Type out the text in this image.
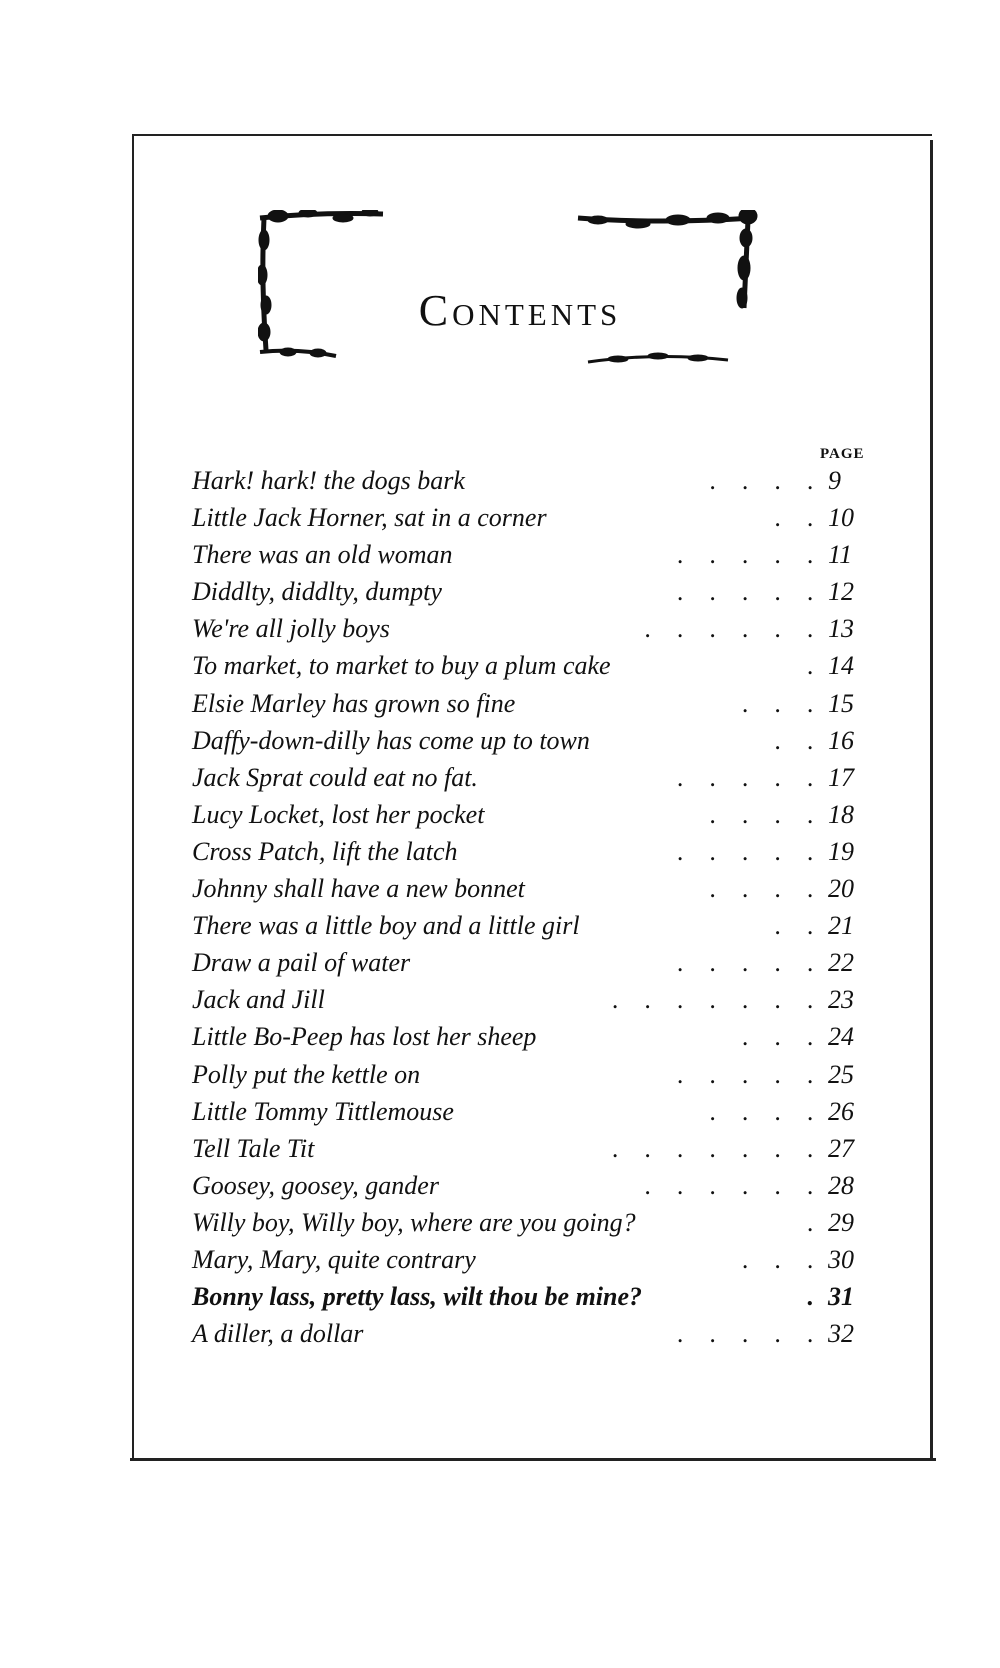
Contents
PAGE
Hark! hark! the dogs bark	.    .    .    . 9
Little Jack Horner, sat in a corner	.    . 10
There was an old woman	.    .    .    .    . 11
Diddlty, diddlty, dumpty	.    .    .    .    . 12
We're all jolly boys	.    .    .    .    .    . 13
To market, to market to buy a plum cake	. 14
Elsie Marley has grown so fine	.    .    . 15
Daffy-down-dilly has come up to town	.    . 16
Jack Sprat could eat no fat.	.    .    .    .    . 17
Lucy Locket, lost her pocket	.    .    .    . 18
Cross Patch, lift the latch	.    .    .    .    . 19
Johnny shall have a new bonnet	.    .    .    . 20
There was a little boy and a little girl	.    . 21
Draw a pail of water	.    .    .    .    . 22
Jack and Jill	.    .    .    .    .    .    . 23
Little Bo-Peep has lost her sheep	.    .    . 24
Polly put the kettle on	.    .    .    .    . 25
Little Tommy Tittlemouse	.    .    .    . 26
Tell Tale Tit	.    .    .    .    .    .    . 27
Goosey, goosey, gander	.    .    .    .    .    . 28
Willy boy, Willy boy, where are you going?	. 29
Mary, Mary, quite contrary	.    .    . 30
Bonny lass, pretty lass, wilt thou be mine?	. 31
A diller, a dollar	.    .    .    .    . 32
